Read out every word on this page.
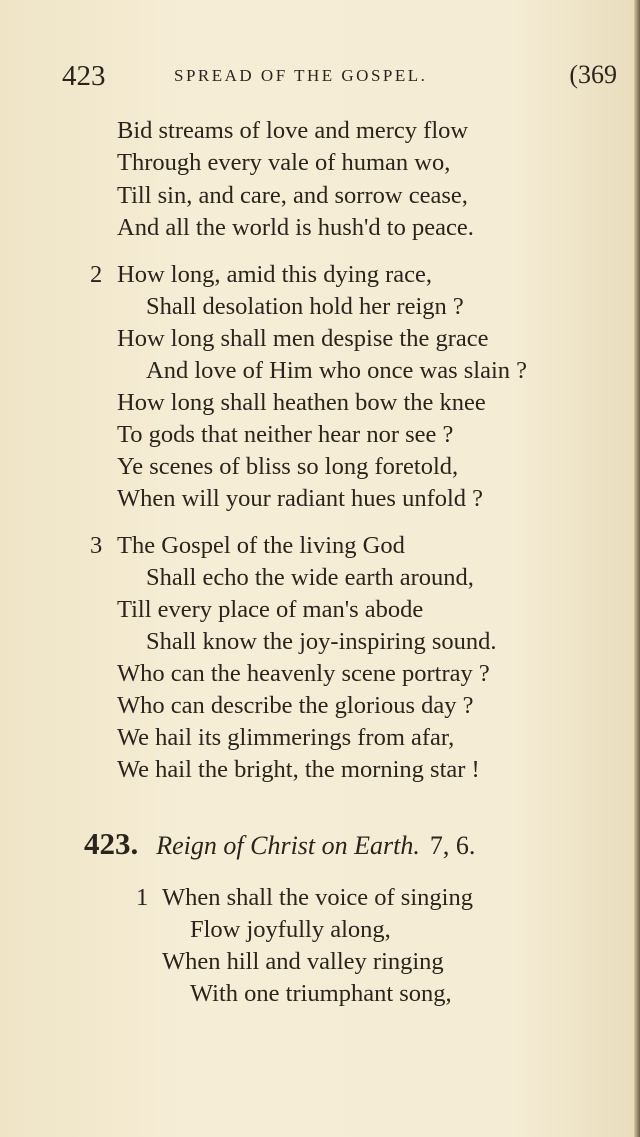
423	SPREAD OF THE GOSPEL.	(369
Bid streams of love and mercy flow
Through every vale of human wo,
Till sin, and care, and sorrow cease,
And all the world is hush'd to peace.
2 How long, amid this dying race,
Shall desolation hold her reign ?
How long shall men despise the grace
And love of Him who once was slain ?
How long shall heathen bow the knee
To gods that neither hear nor see ?
Ye scenes of bliss so long foretold,
When will your radiant hues unfold ?
3 The Gospel of the living God
Shall echo the wide earth around,
Till every place of man's abode
Shall know the joy-inspiring sound.
Who can the heavenly scene portray ?
Who can describe the glorious day ?
We hail its glimmerings from afar,
We hail the bright, the morning star !
423. Reign of Christ on Earth. 7, 6.
1 When shall the voice of singing
Flow joyfully along,
When hill and valley ringing
With one triumphant song,
